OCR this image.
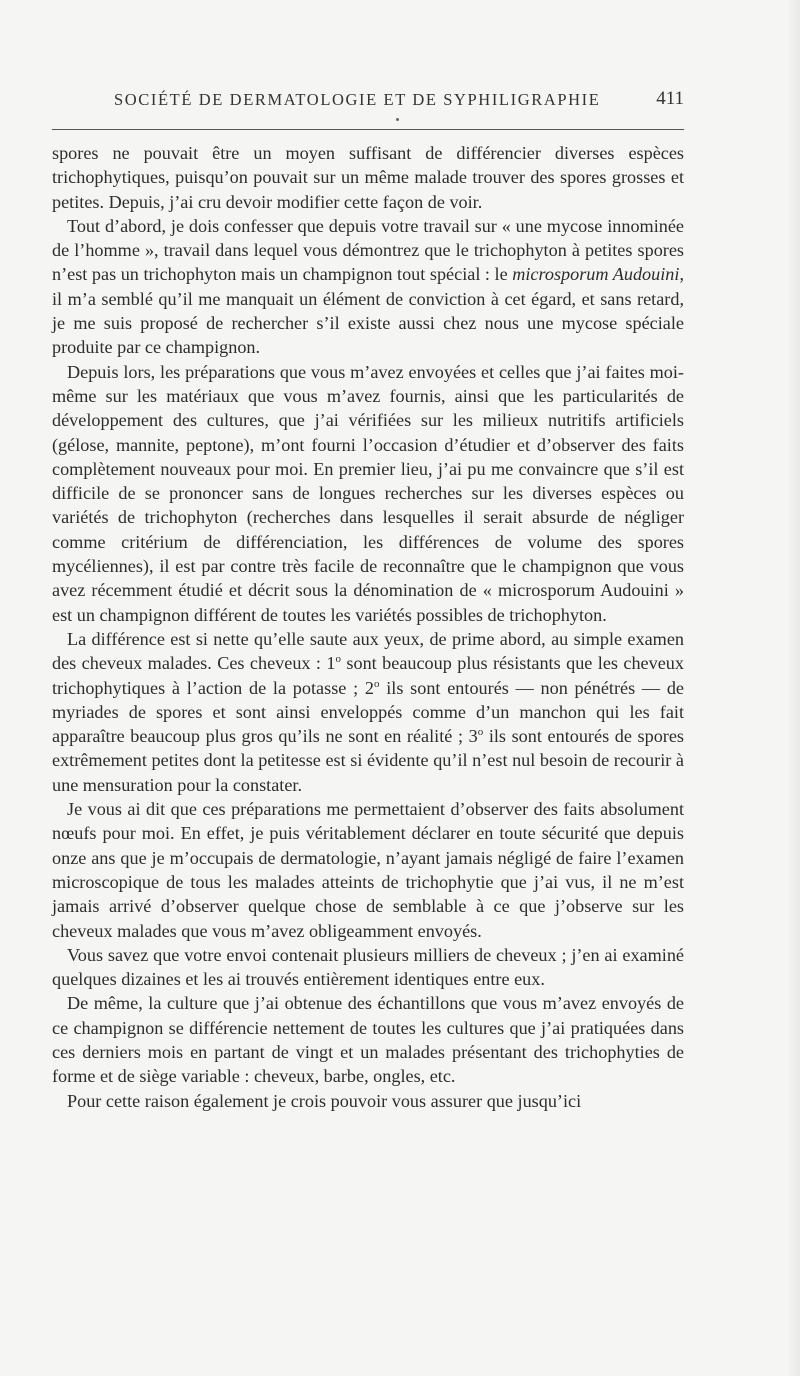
SOCIÉTÉ DE DERMATOLOGIE ET DE SYPHILIGRAPHIE	411

spores ne pouvait être un moyen suffisant de différencier diverses espèces trichophytiques, puisqu’on pouvait sur un même malade trouver des spores grosses et petites. Depuis, j’ai cru devoir modifier cette façon de voir.

Tout d’abord, je dois confesser que depuis votre travail sur « une mycose innominée de l’homme », travail dans lequel vous démontrez que le trichophyton à petites spores n’est pas un trichophyton mais un champignon tout spécial : le microsporum Audouini, il m’a semblé qu’il me manquait un élément de conviction à cet égard, et sans retard, je me suis proposé de rechercher s’il existe aussi chez nous une mycose spéciale produite par ce champignon.

Depuis lors, les préparations que vous m’avez envoyées et celles que j’ai faites moi-même sur les matériaux que vous m’avez fournis, ainsi que les particularités de développement des cultures, que j’ai vérifiées sur les milieux nutritifs artificiels (gélose, mannite, peptone), m’ont fourni l’occasion d’étudier et d’observer des faits complètement nouveaux pour moi. En premier lieu, j’ai pu me convaincre que s’il est difficile de se prononcer sans de longues recherches sur les diverses espèces ou variétés de trichophyton (recherches dans lesquelles il serait absurde de négliger comme critérium de différenciation, les différences de volume des spores mycéliennes), il est par contre très facile de reconnaître que le champignon que vous avez récemment étudié et décrit sous la dénomination de « microsporum Audouini » est un champignon différent de toutes les variétés possibles de trichophyton.

La différence est si nette qu’elle saute aux yeux, de prime abord, au simple examen des cheveux malades. Ces cheveux : 1$^o$ sont beaucoup plus résistants que les cheveux trichophytiques à l’action de la potasse ; 2$^o$ ils sont entourés — non pénétrés — de myriades de spores et sont ainsi enveloppés comme d’un manchon qui les fait apparaître beaucoup plus gros qu’ils ne sont en réalité ; 3$^o$ ils sont entourés de spores extrêmement petites dont la petitesse est si évidente qu’il n’est nul besoin de recourir à une mensuration pour la constater.

Je vous ai dit que ces préparations me permettaient d’observer des faits absolument nœufs pour moi. En effet, je puis véritablement déclarer en toute sécurité que depuis onze ans que je m’occupais de dermatologie, n’ayant jamais négligé de faire l’examen microscopique de tous les malades atteints de trichophytie que j’ai vus, il ne m’est jamais arrivé d’observer quelque chose de semblable à ce que j’observe sur les cheveux malades que vous m’avez obligeamment envoyés.

Vous savez que votre envoi contenait plusieurs milliers de cheveux ; j’en ai examiné quelques dizaines et les ai trouvés entièrement identiques entre eux.

De même, la culture que j’ai obtenue des échantillons que vous m’avez envoyés de ce champignon se différencie nettement de toutes les cultures que j’ai pratiquées dans ces derniers mois en partant de vingt et un malades présentant des trichophyties de forme et de siège variable : cheveux, barbe, ongles, etc.

Pour cette raison également je crois pouvoir vous assurer que jusqu’ici
